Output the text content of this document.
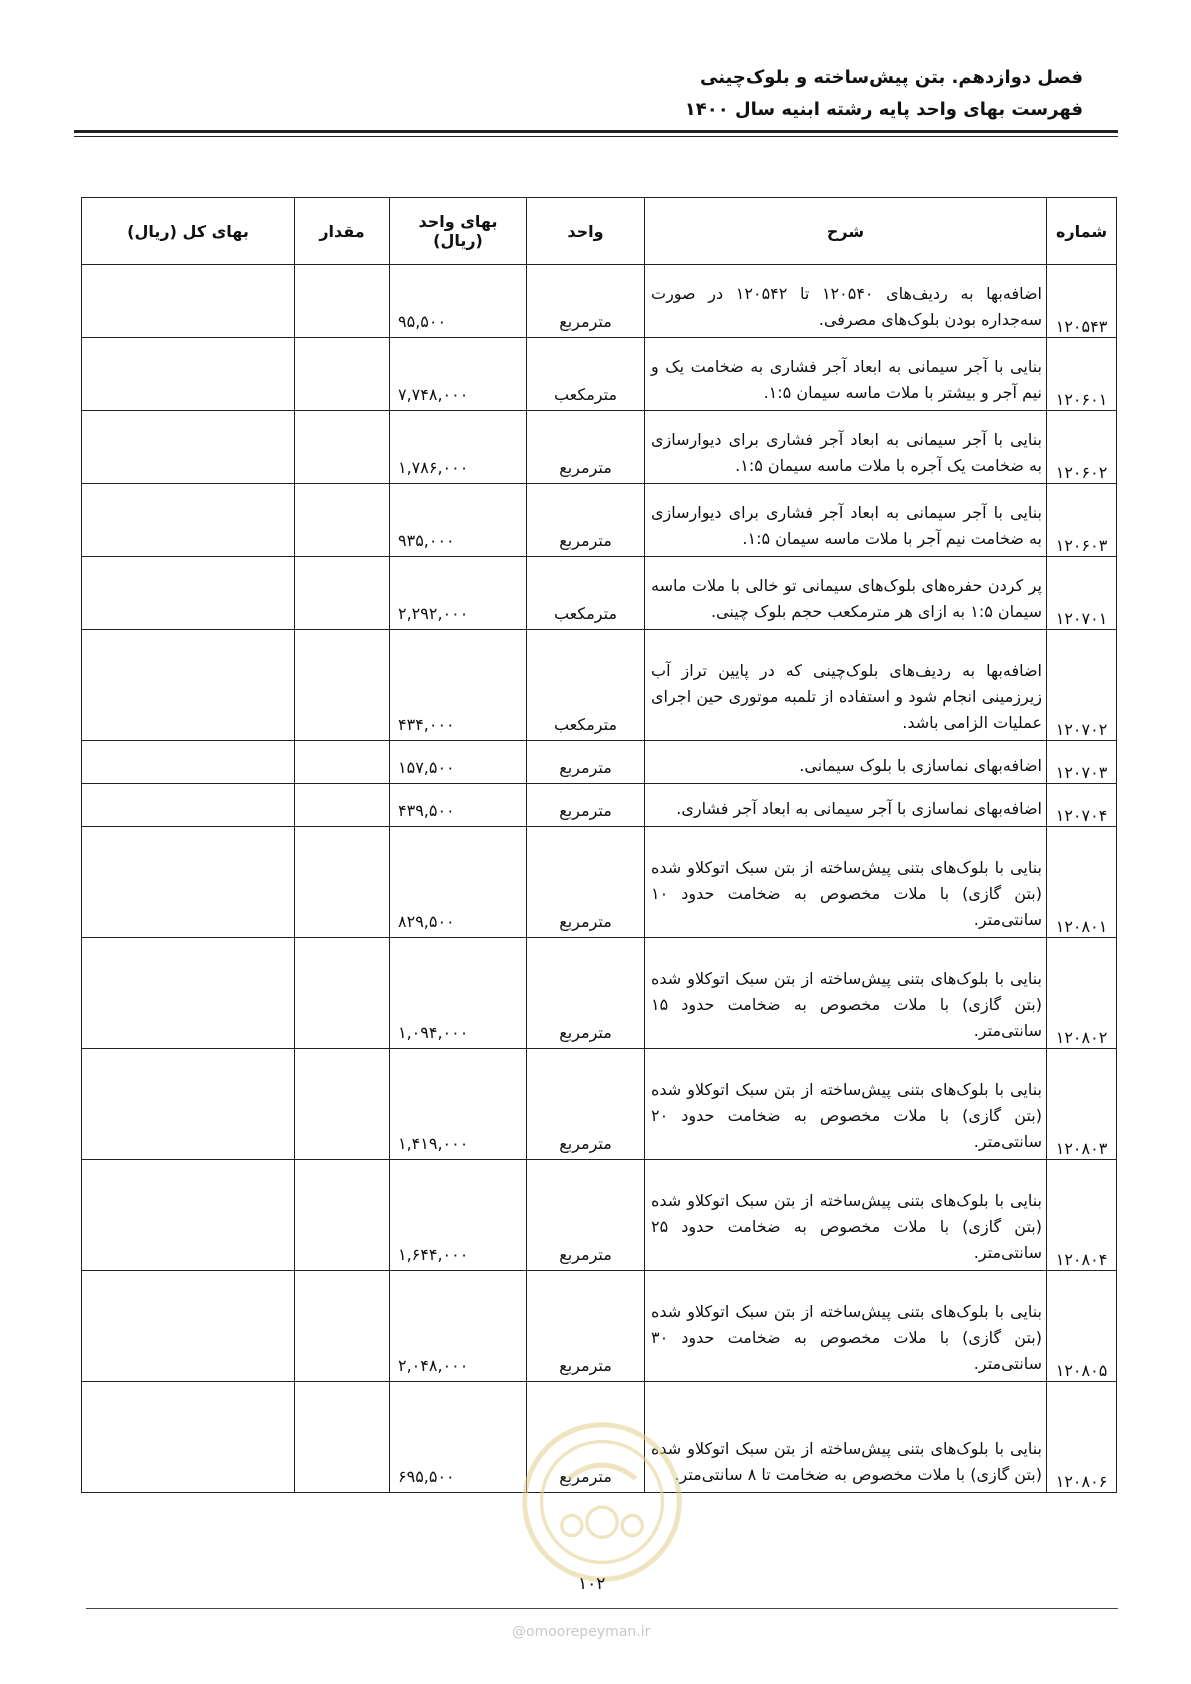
فصل دوازدهم. بتن پیش‌ساخته و بلوک‌چینی
فهرست بهای واحد پایه رشته ابنیه سال ۱۴۰۰
شماره	شرح	واحد	بهای واحد (ریال)	مقدار	بهای کل (ریال)
۱۲۰۵۴۳	اضافه‌بها به ردیف‌های ۱۲۰۵۴۰ تا ۱۲۰۵۴۲ در صورت سه‌جداره بودن بلوک‌های مصرفی.	مترمربع	۹۵,۵۰۰		
۱۲۰۶۰۱	بنایی با آجر سیمانی به ابعاد آجر فشاری به ضخامت یک و نیم آجر و بیشتر با ملات ماسه سیمان ۱:۵.	مترمکعب	۷,۷۴۸,۰۰۰		
۱۲۰۶۰۲	بنایی با آجر سیمانی به ابعاد آجر فشاری برای دیوارسازی به ضخامت یک آجره با ملات ماسه سیمان ۱:۵.	مترمربع	۱,۷۸۶,۰۰۰		
۱۲۰۶۰۳	بنایی با آجر سیمانی به ابعاد آجر فشاری برای دیوارسازی به ضخامت نیم آجر با ملات ماسه سیمان ۱:۵.	مترمربع	۹۳۵,۰۰۰		
۱۲۰۷۰۱	پر کردن حفره‌های بلوک‌های سیمانی تو خالی با ملات ماسه سیمان ۱:۵ به ازای هر مترمکعب حجم بلوک چینی.	مترمکعب	۲,۲۹۲,۰۰۰		
۱۲۰۷۰۲	اضافه‌بها به ردیف‌های بلوک‌چینی که در پایین تراز آب زیرزمینی انجام شود و استفاده از تلمبه موتوری حین اجرای عملیات الزامی باشد.	مترمکعب	۴۳۴,۰۰۰		
۱۲۰۷۰۳	اضافه‌بهای نماسازی با بلوک سیمانی.	مترمربع	۱۵۷,۵۰۰		
۱۲۰۷۰۴	اضافه‌بهای نماسازی با آجر سیمانی به ابعاد آجر فشاری.	مترمربع	۴۳۹,۵۰۰		
۱۲۰۸۰۱	بنایی با بلوک‌های بتنی پیش‌ساخته از بتن سبک اتوکلاو شده (بتن گازی) با ملات مخصوص به ضخامت حدود ۱۰ سانتی‌متر.	مترمربع	۸۲۹,۵۰۰		
۱۲۰۸۰۲	بنایی با بلوک‌های بتنی پیش‌ساخته از بتن سبک اتوکلاو شده (بتن گازی) با ملات مخصوص به ضخامت حدود ۱۵ سانتی‌متر.	مترمربع	۱,۰۹۴,۰۰۰		
۱۲۰۸۰۳	بنایی با بلوک‌های بتنی پیش‌ساخته از بتن سبک اتوکلاو شده (بتن گازی) با ملات مخصوص به ضخامت حدود ۲۰ سانتی‌متر.	مترمربع	۱,۴۱۹,۰۰۰		
۱۲۰۸۰۴	بنایی با بلوک‌های بتنی پیش‌ساخته از بتن سبک اتوکلاو شده (بتن گازی) با ملات مخصوص به ضخامت حدود ۲۵ سانتی‌متر.	مترمربع	۱,۶۴۴,۰۰۰		
۱۲۰۸۰۵	بنایی با بلوک‌های بتنی پیش‌ساخته از بتن سبک اتوکلاو شده (بتن گازی) با ملات مخصوص به ضخامت حدود ۳۰ سانتی‌متر.	مترمربع	۲,۰۴۸,۰۰۰		
۱۲۰۸۰۶	بنایی با بلوک‌های بتنی پیش‌ساخته از بتن سبک اتوکلاو شده (بتن گازی) با ملات مخصوص به ضخامت تا ۸ سانتی‌متر.	مترمربع	۶۹۵,۵۰۰		
۱۰۲
@omoorepeyman.ir
